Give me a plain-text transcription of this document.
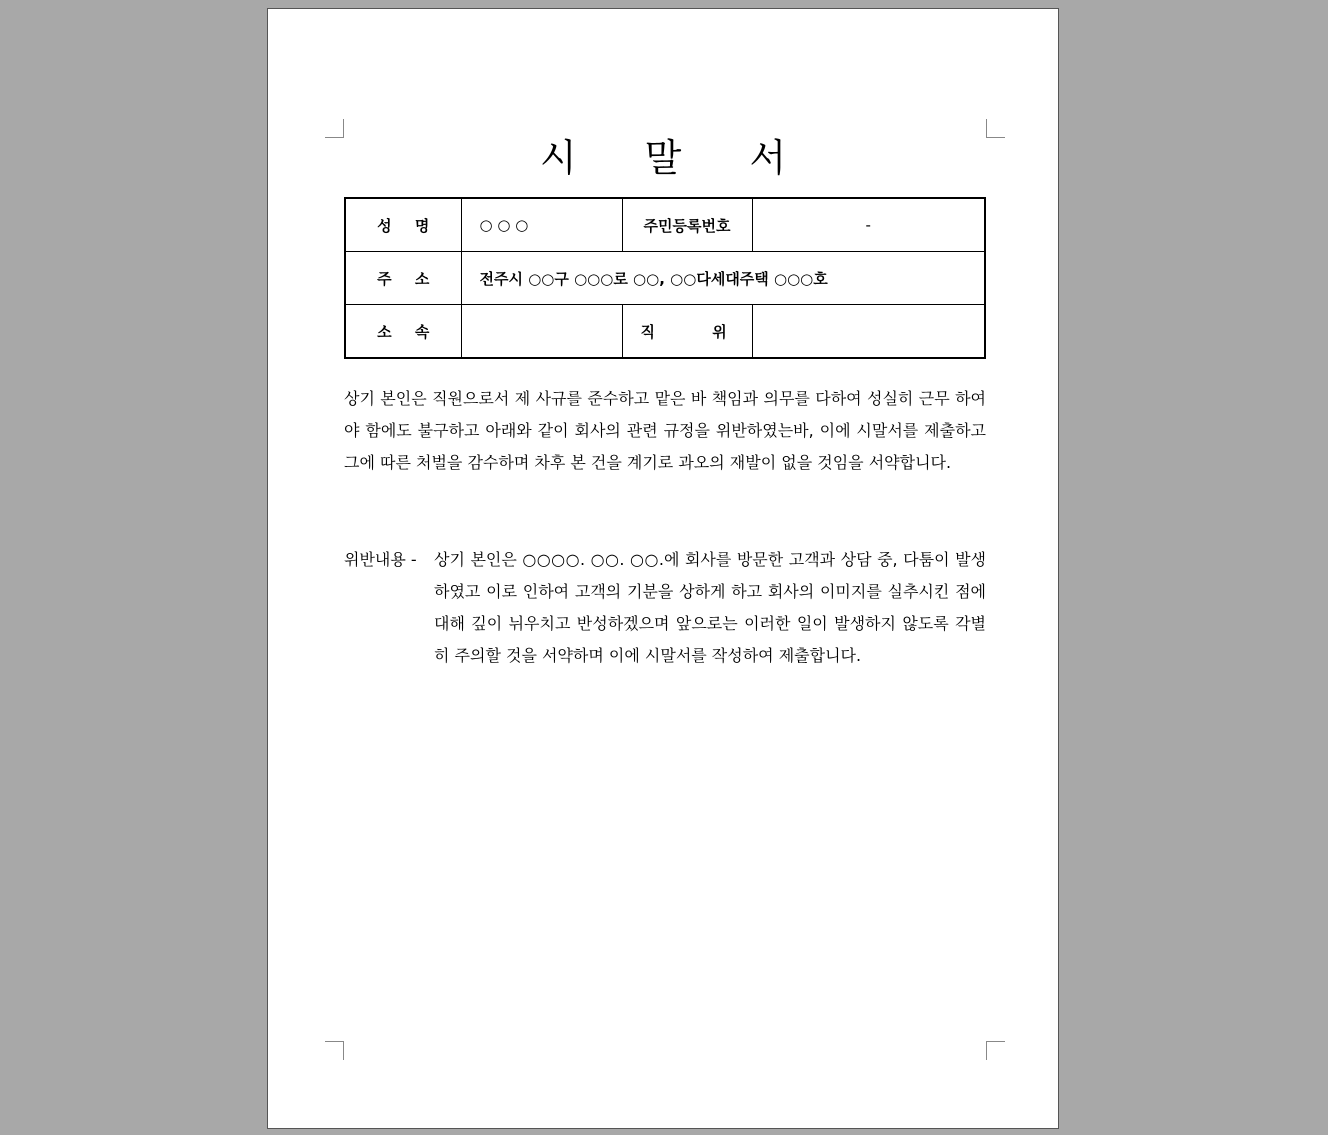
시 말 서
성 명	○ ○ ○	주민등록번호	-
주 소	전주시 ○○구 ○○○로 ○○, ○○다세대주택 ○○○호		
소 속		직 위	
상기 본인은 직원으로서 제 사규를 준수하고 맡은 바 책임과 의무를 다하여 성실히 근무 하여야 함에도 불구하고 아래와 같이 회사의 관련 규정을 위반하였는바, 이에 시말서를 제출하고 그에 따른 처벌을 감수하며 차후 본 건을 계기로 과오의 재발이 없을 것임을 서약합니다.
위반내용 -	상기 본인은 ○○○○. ○○. ○○.에 회사를 방문한 고객과 상담 중, 다툼이 발생하였고 이로 인하여 고객의 기분을 상하게 하고 회사의 이미지를 실추시킨 점에 대해 깊이 뉘우치고 반성하겠으며 앞으로는 이러한 일이 발생하지 않도록 각별히 주의할 것을 서약하며 이에 시말서를 작성하여 제출합니다.
